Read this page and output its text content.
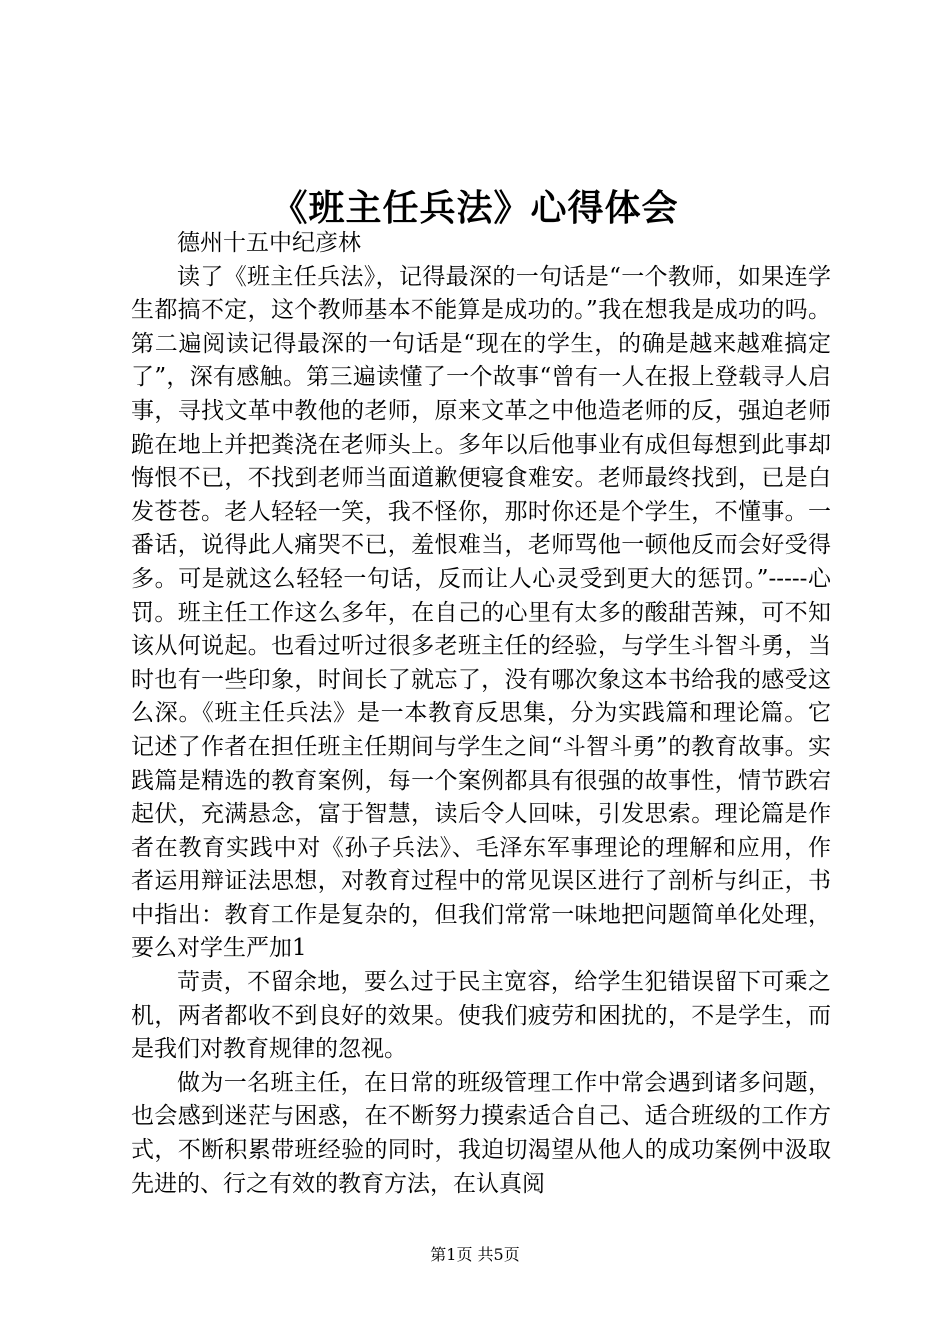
《班主任兵法》心得体会

德州十五中纪彦林

读了《班主任兵法》，记得最深的一句话是“一个教师，如果连学生都搞不定，这个教师基本不能算是成功的。”我在想我是成功的吗。第二遍阅读记得最深的一句话是“现在的学生，的确是越来越难搞定了”，深有感触。第三遍读懂了一个故事“曾有一人在报上登载寻人启事，寻找文革中教他的老师，原来文革之中他造老师的反，强迫老师跪在地上并把粪浇在老师头上。多年以后他事业有成但每想到此事却悔恨不已，不找到老师当面道歉便寝食难安。老师最终找到，已是白发苍苍。老人轻轻一笑，我不怪你，那时你还是个学生，不懂事。一番话，说得此人痛哭不已，羞恨难当，老师骂他一顿他反而会好受得多。可是就这么轻轻一句话，反而让人心灵受到更大的惩罚。”-----心罚。班主任工作这么多年，在自己的心里有太多的酸甜苦辣，可不知该从何说起。也看过听过很多老班主任的经验，与学生斗智斗勇，当时也有一些印象，时间长了就忘了，没有哪次象这本书给我的感受这么深。《班主任兵法》是一本教育反思集，分为实践篇和理论篇。它记述了作者在担任班主任期间与学生之间“斗智斗勇”的教育故事。实践篇是精选的教育案例，每一个案例都具有很强的故事性，情节跌宕起伏，充满悬念，富于智慧，读后令人回味，引发思索。理论篇是作者在教育实践中对《孙子兵法》、毛泽东军事理论的理解和应用，作者运用辩证法思想，对教育过程中的常见误区进行了剖析与纠正，书中指出：教育工作是复杂的，但我们常常一味地把问题简单化处理，要么对学生严加1

苛责，不留余地，要么过于民主宽容，给学生犯错误留下可乘之机，两者都收不到良好的效果。使我们疲劳和困扰的，不是学生，而是我们对教育规律的忽视。

做为一名班主任，在日常的班级管理工作中常会遇到诸多问题，也会感到迷茫与困惑，在不断努力摸索适合自己、适合班级的工作方式，不断积累带班经验的同时，我迫切渴望从他人的成功案例中汲取先进的、行之有效的教育方法，在认真阅

第1页 共5页
